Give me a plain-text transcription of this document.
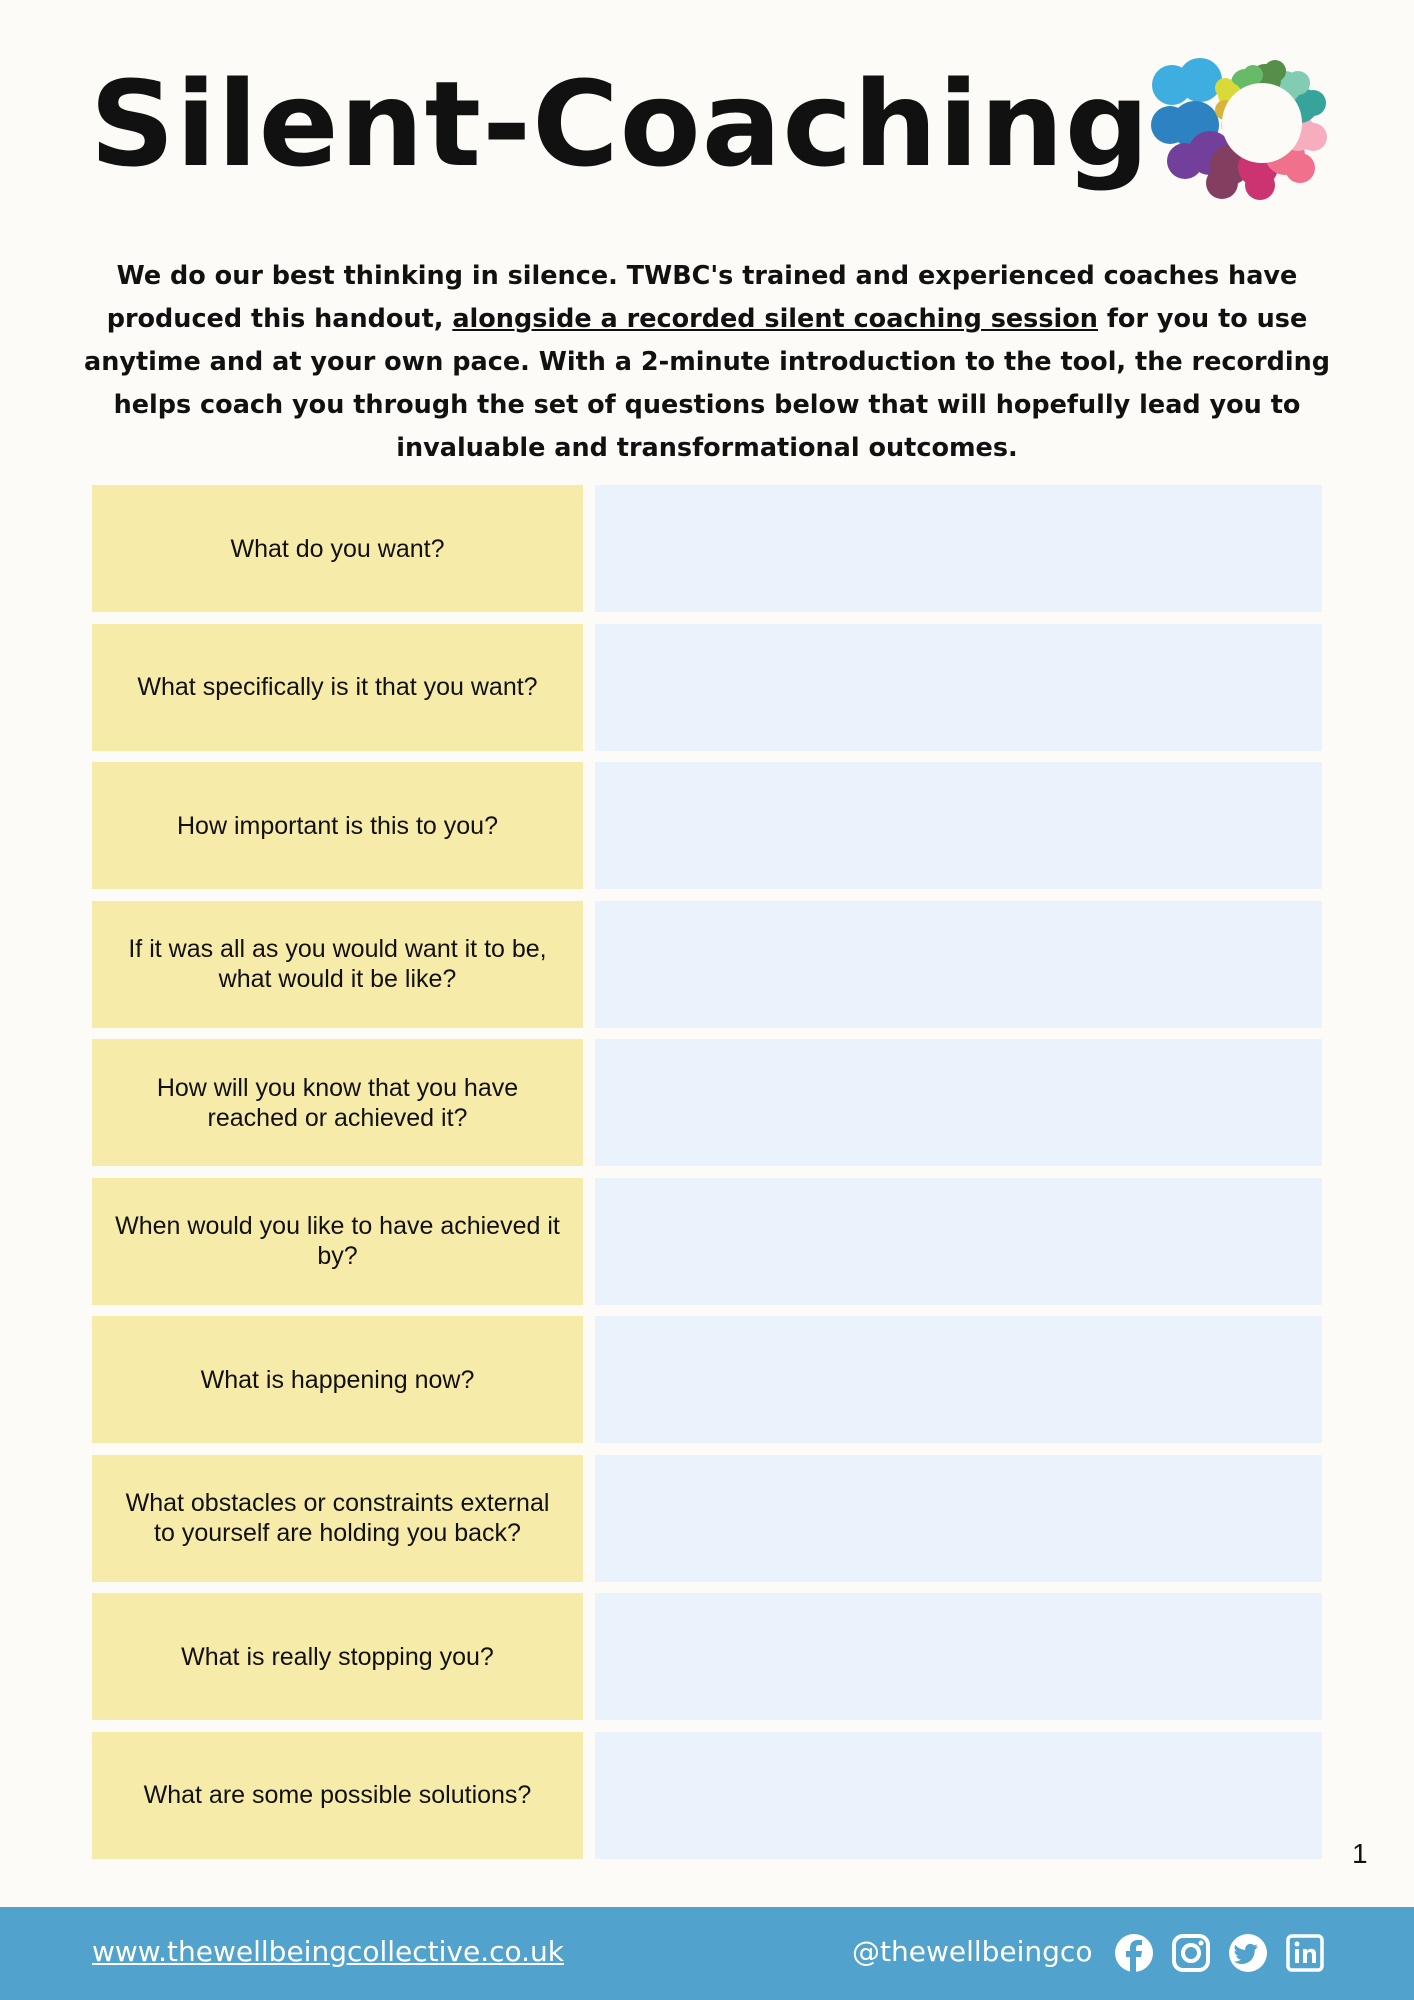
Silent-Coaching

We do our best thinking in silence. TWBC's trained and experienced coaches have produced this handout, alongside a recorded silent coaching session for you to use anytime and at your own pace. With a 2-minute introduction to the tool, the recording helps coach you through the set of questions below that will hopefully lead you to invaluable and transformational outcomes.

What do you want?
What specifically is it that you want?
How important is this to you?
If it was all as you would want it to be, what would it be like?
How will you know that you have reached or achieved it?
When would you like to have achieved it by?
What is happening now?
What obstacles or constraints external to yourself are holding you back?
What is really stopping you?
What are some possible solutions?
1
www.thewellbeingcollective.co.uk	@thewellbeingco
